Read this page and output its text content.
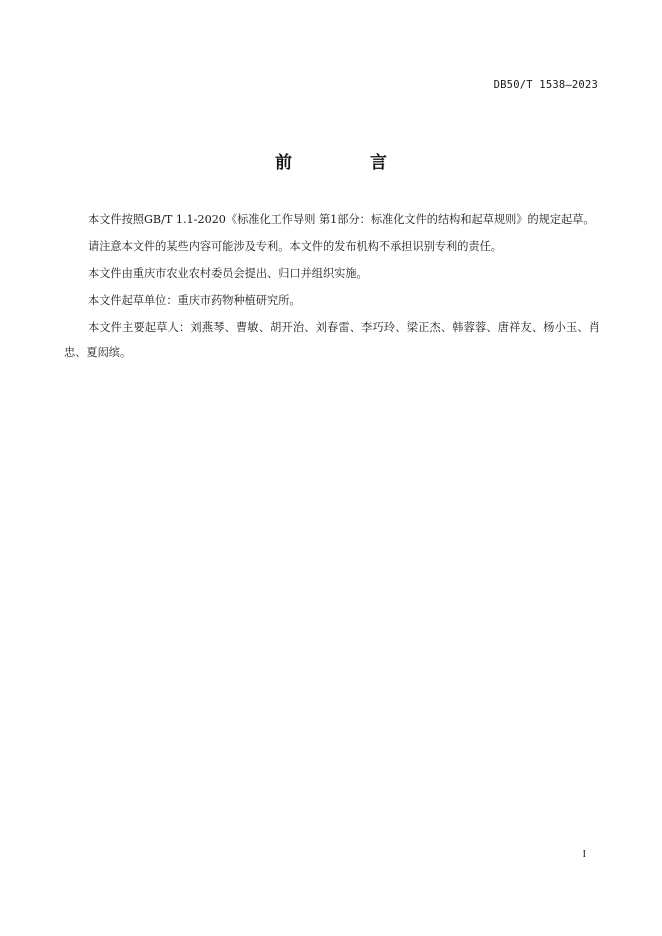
DB50/T 1538—2023
前 言

本文件按照GB/T 1.1-2020《标准化工作导则 第1部分：标准化文件的结构和起草规则》的规定起草。

请注意本文件的某些内容可能涉及专利。本文件的发布机构不承担识别专利的责任。

本文件由重庆市农业农村委员会提出、归口并组织实施。

本文件起草单位：重庆市药物种植研究所。

本文件主要起草人：刘燕琴、曹敏、胡开治、刘春雷、李巧玲、梁正杰、韩蓉蓉、唐祥友、杨小玉、肖忠、夏闳缤。

I
